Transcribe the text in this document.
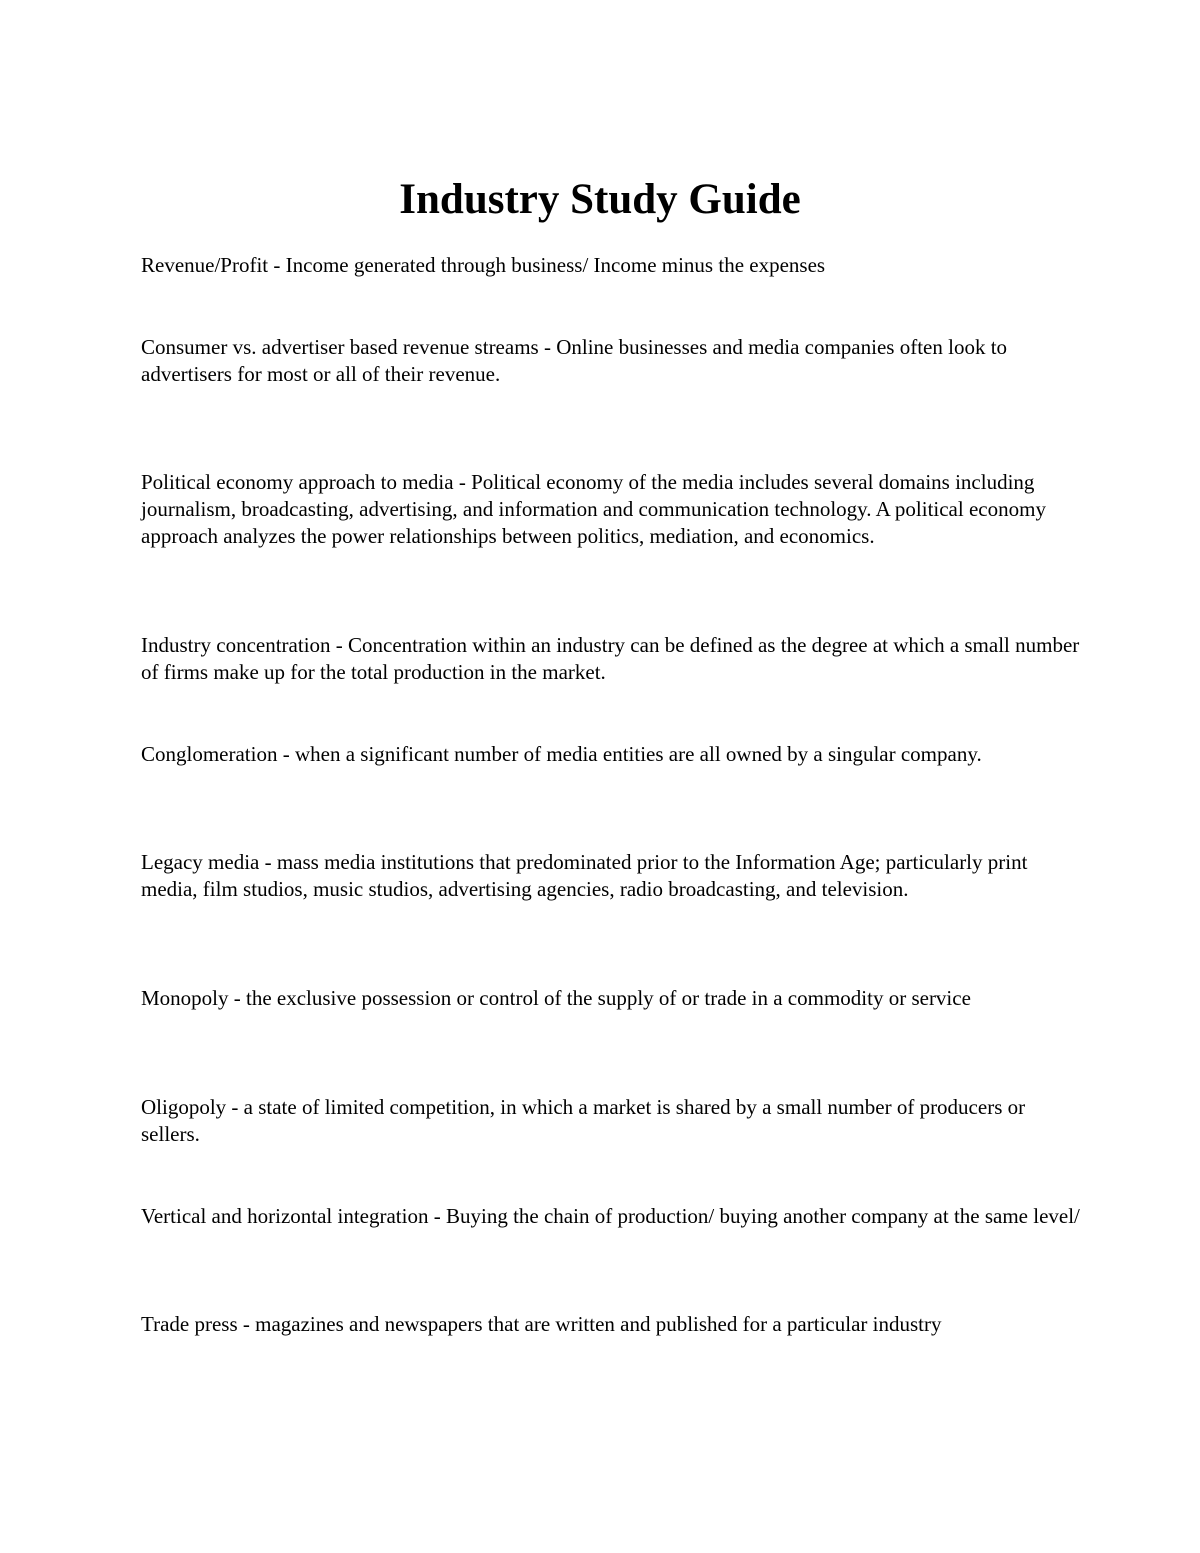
Industry Study Guide

Revenue/Profit - Income generated through business/ Income minus the expenses

Consumer vs. advertiser based revenue streams - Online businesses and media companies often look to advertisers for most or all of their revenue.

Political economy approach to media - Political economy of the media includes several domains including journalism, broadcasting, advertising, and information and communication technology. A political economy approach analyzes the power relationships between politics, mediation, and economics.

Industry concentration - Concentration within an industry can be defined as the degree at which a small number of firms make up for the total production in the market.

Conglomeration - when a significant number of media entities are all owned by a singular company.

Legacy media - mass media institutions that predominated prior to the Information Age; particularly print media, film studios, music studios, advertising agencies, radio broadcasting, and television.

Monopoly - the exclusive possession or control of the supply of or trade in a commodity or service

Oligopoly - a state of limited competition, in which a market is shared by a small number of producers or sellers.

Vertical and horizontal integration - Buying the chain of production/ buying another company at the same level/

Trade press - magazines and newspapers that are written and published for a particular industry
